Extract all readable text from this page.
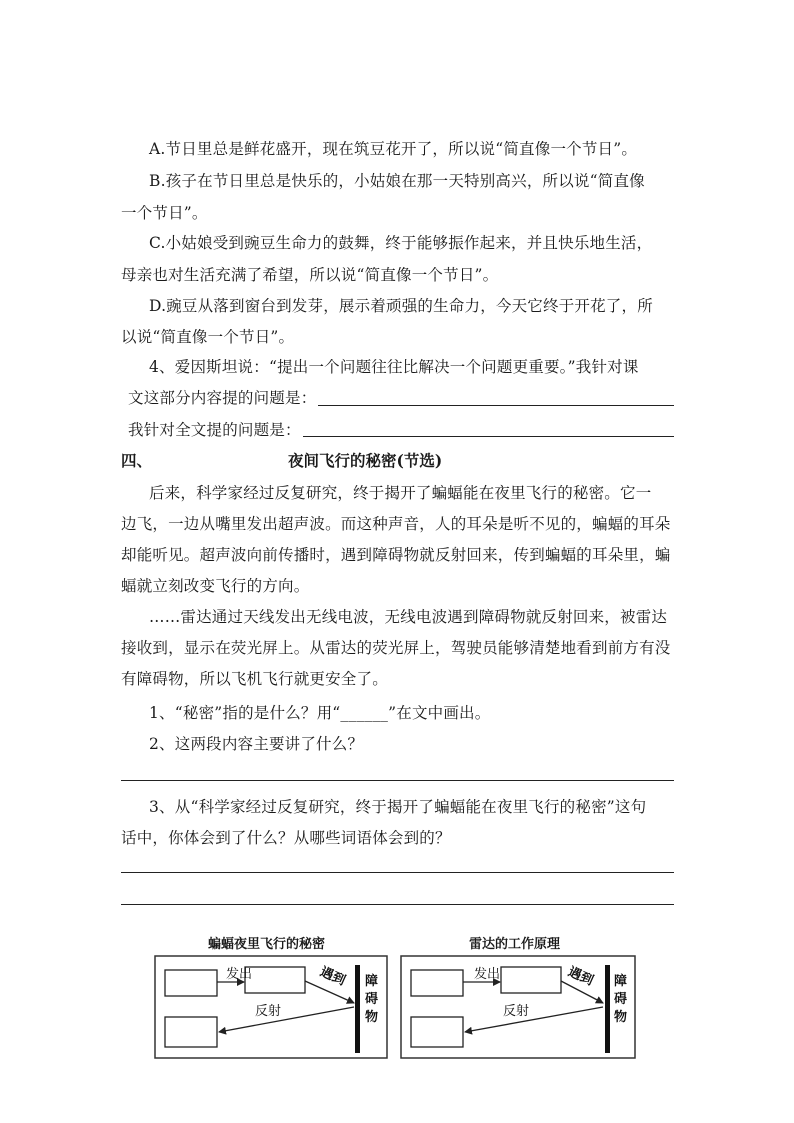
A.节日里总是鲜花盛开，现在筑豆花开了，所以说“简直像一个节日”。
B.孩子在节日里总是快乐的，小姑娘在那一天特别高兴，所以说“简直像
一个节日”。
C.小姑娘受到豌豆生命力的鼓舞，终于能够振作起来，并且快乐地生活，
母亲也对生活充满了希望，所以说“简直像一个节日”。
D.豌豆从落到窗台到发芽，展示着顽强的生命力，今天它终于开花了，所
以说“简直像一个节日”。
4、爱因斯坦说：“提出一个问题往往比解决一个问题更重要。”我针对课
文这部分内容提的问题是：
我针对全文提的问题是：
四、	夜间飞行的秘密(节选)
后来，科学家经过反复研究，终于揭开了蝙蝠能在夜里飞行的秘密。它一
边飞，一边从嘴里发出超声波。而这种声音，人的耳朵是听不见的，蝙蝠的耳朵
却能听见。超声波向前传播时，遇到障碍物就反射回来，传到蝙蝠的耳朵里，蝙
蝠就立刻改变飞行的方向。
……雷达通过天线发出无线电波，无线电波遇到障碍物就反射回来，被雷达
接收到，显示在荧光屏上。从雷达的荧光屏上，驾驶员能够清楚地看到前方有没
有障碍物，所以飞机飞行就更安全了。
1、“秘密”指的是什么？用“______”在文中画出。
2、这两段内容主要讲了什么？
3、从“科学家经过反复研究，终于揭开了蝙蝠能在夜里飞行的秘密”这句
话中，你体会到了什么？从哪些词语体会到的？
蝙蝠夜里飞行的秘密	雷达的工作原理
发出	遇到
反射
障
碍
物
发出	遇到
反射
障
碍
物
